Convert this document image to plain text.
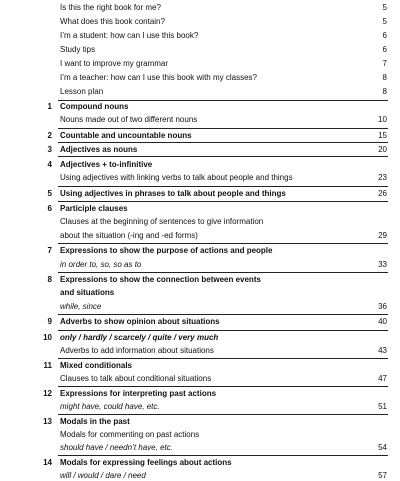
Is this the right book for me?	5
What does this book contain?	5
I’m a student: how can I use this book?	6
Study tips	6
I want to improve my grammar	7
I’m a teacher: how can I use this book with my classes?	8
Lesson plan	8
1 Compound nouns
Nouns made out of two different nouns	10
2 Countable and uncountable nouns	15
3 Adjectives as nouns	20
4 Adjectives + to-infinitive
Using adjectives with linking verbs to talk about people and things	23
5 Using adjectives in phrases to talk about people and things	26
6 Participle clauses
Clauses at the beginning of sentences to give information
about the situation (-ing and -ed forms)	29
7 Expressions to show the purpose of actions and people
in order to, so, so as to	33
8 Expressions to show the connection between events
and situations
while, since	36
9 Adverbs to show opinion about situations	40
10 only / hardly / scarcely / quite / very much
Adverbs to add information about situations	43
11 Mixed conditionals
Clauses to talk about conditional situations	47
12 Expressions for interpreting past actions
might have, could have, etc.	51
13 Modals in the past
Modals for commenting on past actions
should have / needn’t have, etc.	54
14 Modals for expressing feelings about actions
will / would / dare / need	57
